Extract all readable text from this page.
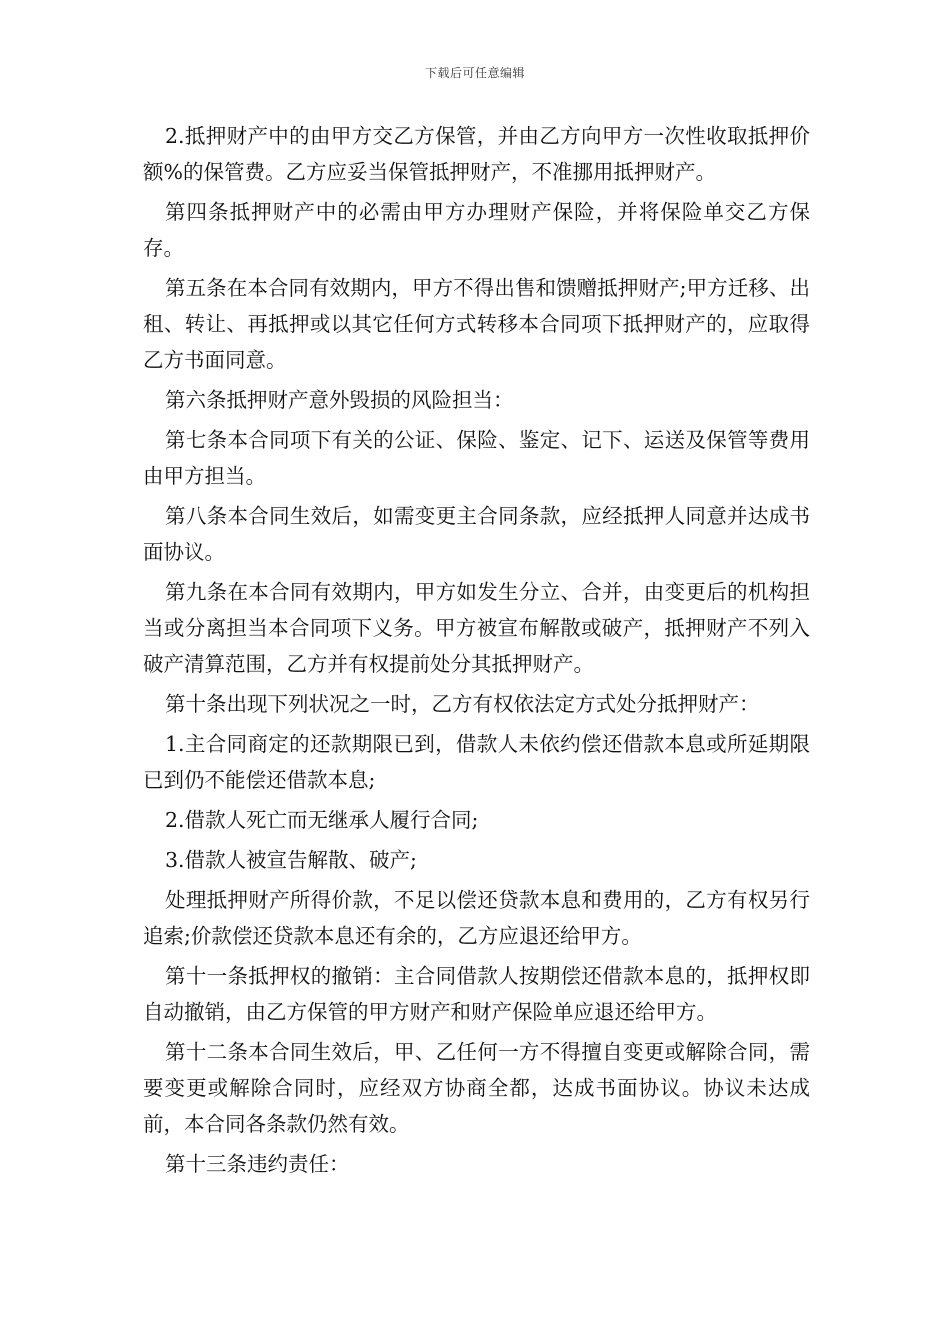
下载后可任意编辑

2.抵押财产中的由甲方交乙方保管，并由乙方向甲方一次性收取抵押价额%的保管费。乙方应妥当保管抵押财产，不准挪用抵押财产。

第四条抵押财产中的必需由甲方办理财产保险，并将保险单交乙方保存。

第五条在本合同有效期内，甲方不得出售和馈赠抵押财产;甲方迁移、出租、转让、再抵押或以其它任何方式转移本合同项下抵押财产的，应取得乙方书面同意。

第六条抵押财产意外毁损的风险担当：

第七条本合同项下有关的公证、保险、鉴定、记下、运送及保管等费用由甲方担当。

第八条本合同生效后，如需变更主合同条款，应经抵押人同意并达成书面协议。

第九条在本合同有效期内，甲方如发生分立、合并，由变更后的机构担当或分离担当本合同项下义务。甲方被宣布解散或破产，抵押财产不列入破产清算范围，乙方并有权提前处分其抵押财产。

第十条出现下列状况之一时，乙方有权依法定方式处分抵押财产：

1.主合同商定的还款期限已到，借款人未依约偿还借款本息或所延期限已到仍不能偿还借款本息;

2.借款人死亡而无继承人履行合同;

3.借款人被宣告解散、破产;

处理抵押财产所得价款，不足以偿还贷款本息和费用的，乙方有权另行追索;价款偿还贷款本息还有余的，乙方应退还给甲方。

第十一条抵押权的撤销：主合同借款人按期偿还借款本息的，抵押权即自动撤销，由乙方保管的甲方财产和财产保险单应退还给甲方。

第十二条本合同生效后，甲、乙任何一方不得擅自变更或解除合同，需要变更或解除合同时，应经双方协商全都，达成书面协议。协议未达成前，本合同各条款仍然有效。

第十三条违约责任：
